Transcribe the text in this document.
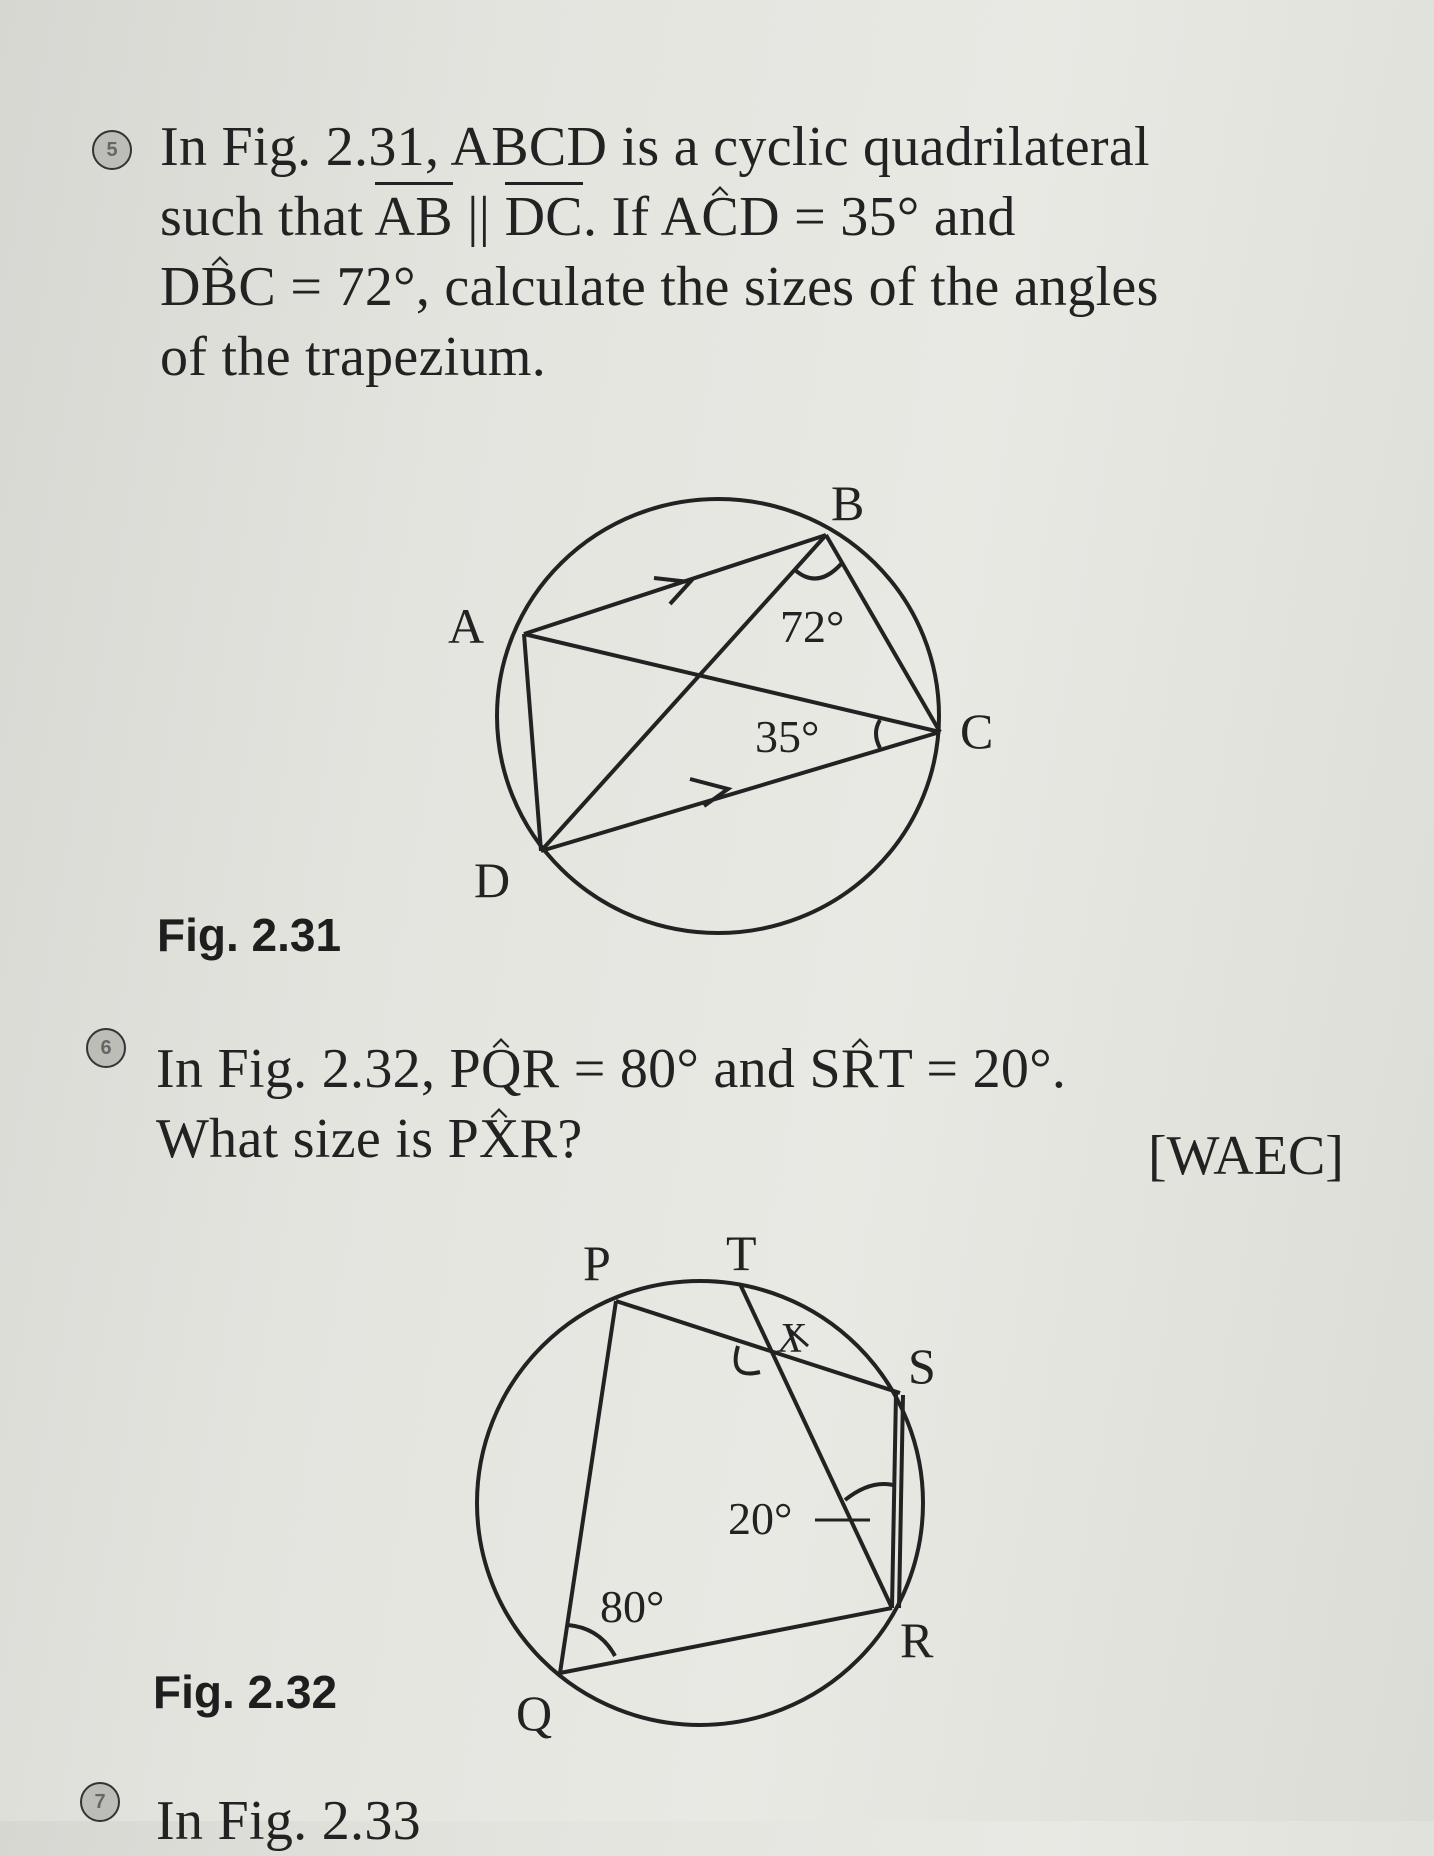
5 In Fig. 2.31, ABCD is a cyclic quadrilateral

such that AB || DC. If ACD = 35° and

DBC = 72°, calculate the sizes of the angles

of the trapezium.

Fig. 2.31
6 In Fig. 2.32, PQR = 80° and SRT = 20°.

What size is PXR?	[WAEC]
Fig. 2.32
7 In Fig. 2.33
A
B
C
D
72°
35°
P T
X S
R
Q
20°
80°
